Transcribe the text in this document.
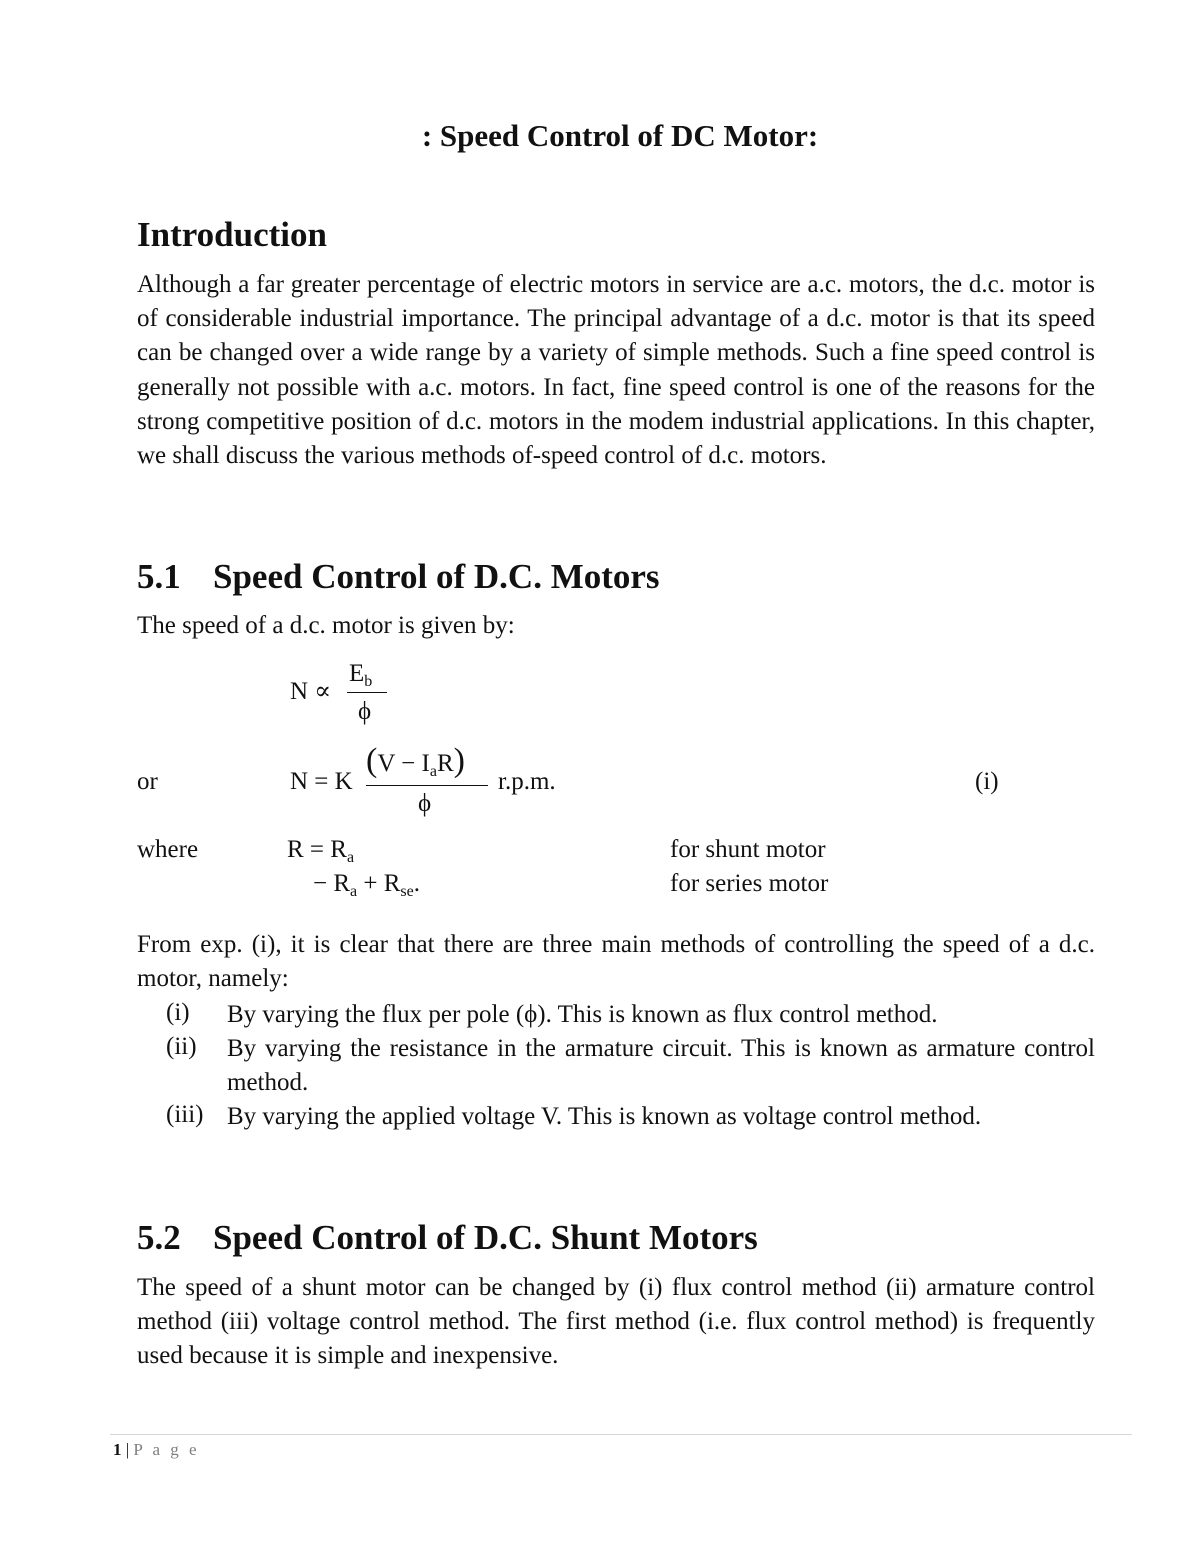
: Speed Control of DC Motor:
Introduction

Although a far greater percentage of electric motors in service are a.c. motors, the d.c. motor is of considerable industrial importance. The principal advantage of a d.c. motor is that its speed can be changed over a wide range by a variety of simple methods. Such a fine speed control is generally not possible with a.c. motors. In fact, fine speed control is one of the reasons for the strong competitive position of d.c. motors in the modem industrial applications. In this chapter, we shall discuss the various methods of-speed control of d.c. motors.

5.1 Speed Control of D.C. Motors
The speed of a d.c. motor is given by:
N ∝
$E_b$
ϕ
or	N = K
$(V - I_aR)$
ϕ
r.p.m.	(i)
where	$R = R_a$	for shunt motor
− $R_a + R_{se}$.	for series motor

From exp. (i), it is clear that there are three main methods of controlling the speed of a d.c. motor, namely:

(i) By varying the flux per pole (ϕ). This is known as flux control method.

(ii) By varying the resistance in the armature circuit. This is known as armature control method.

(iii) By varying the applied voltage V. This is known as voltage control method.

5.2 Speed Control of D.C. Shunt Motors

The speed of a shunt motor can be changed by (i) flux control method (ii) armature control method (iii) voltage control method. The first method (i.e. flux control method) is frequently used because it is simple and inexpensive.

1 | P a g e
